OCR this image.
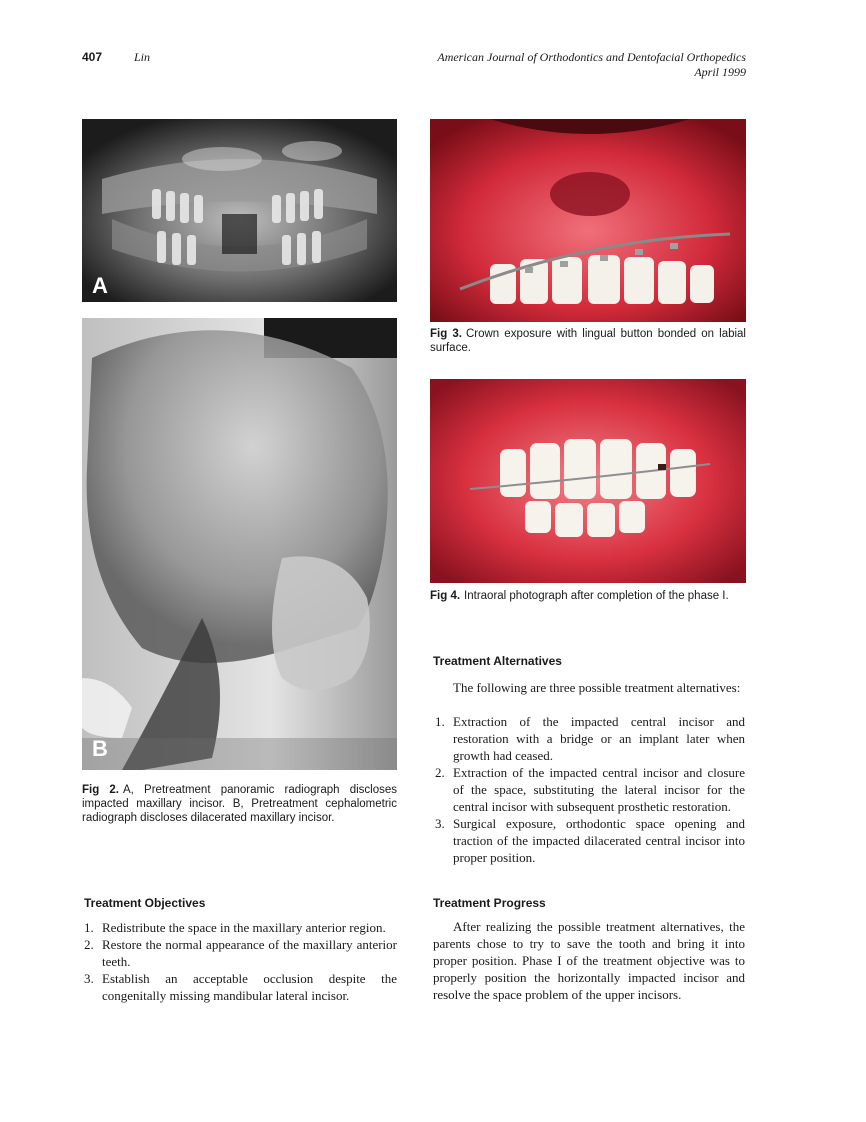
407	Lin	American Journal of Orthodontics and Dentofacial Orthopedics
April 1999
A
B
Fig 2. A, Pretreatment panoramic radiograph discloses impacted maxillary incisor. B, Pretreatment cephalometric radiograph discloses dilacerated maxillary incisor.
Fig 3. Crown exposure with lingual button bonded on labial surface.
Fig 4. Intraoral photograph after completion of the phase I.
Treatment Alternatives
The following are three possible treatment alternatives:
1. Extraction of the impacted central incisor and restoration with a bridge or an implant later when growth had ceased.
2. Extraction of the impacted central incisor and closure of the space, substituting the lateral incisor for the central incisor with subsequent prosthetic restoration.
3. Surgical exposure, orthodontic space opening and traction of the impacted dilacerated central incisor into proper position.
Treatment Objectives
1. Redistribute the space in the maxillary anterior region.
2. Restore the normal appearance of the maxillary anterior teeth.
3. Establish an acceptable occlusion despite the congenitally missing mandibular lateral incisor.
Treatment Progress
After realizing the possible treatment alternatives, the parents chose to try to save the tooth and bring it into proper position. Phase I of the treatment objective was to properly position the horizontally impacted incisor and resolve the space problem of the upper incisors.
